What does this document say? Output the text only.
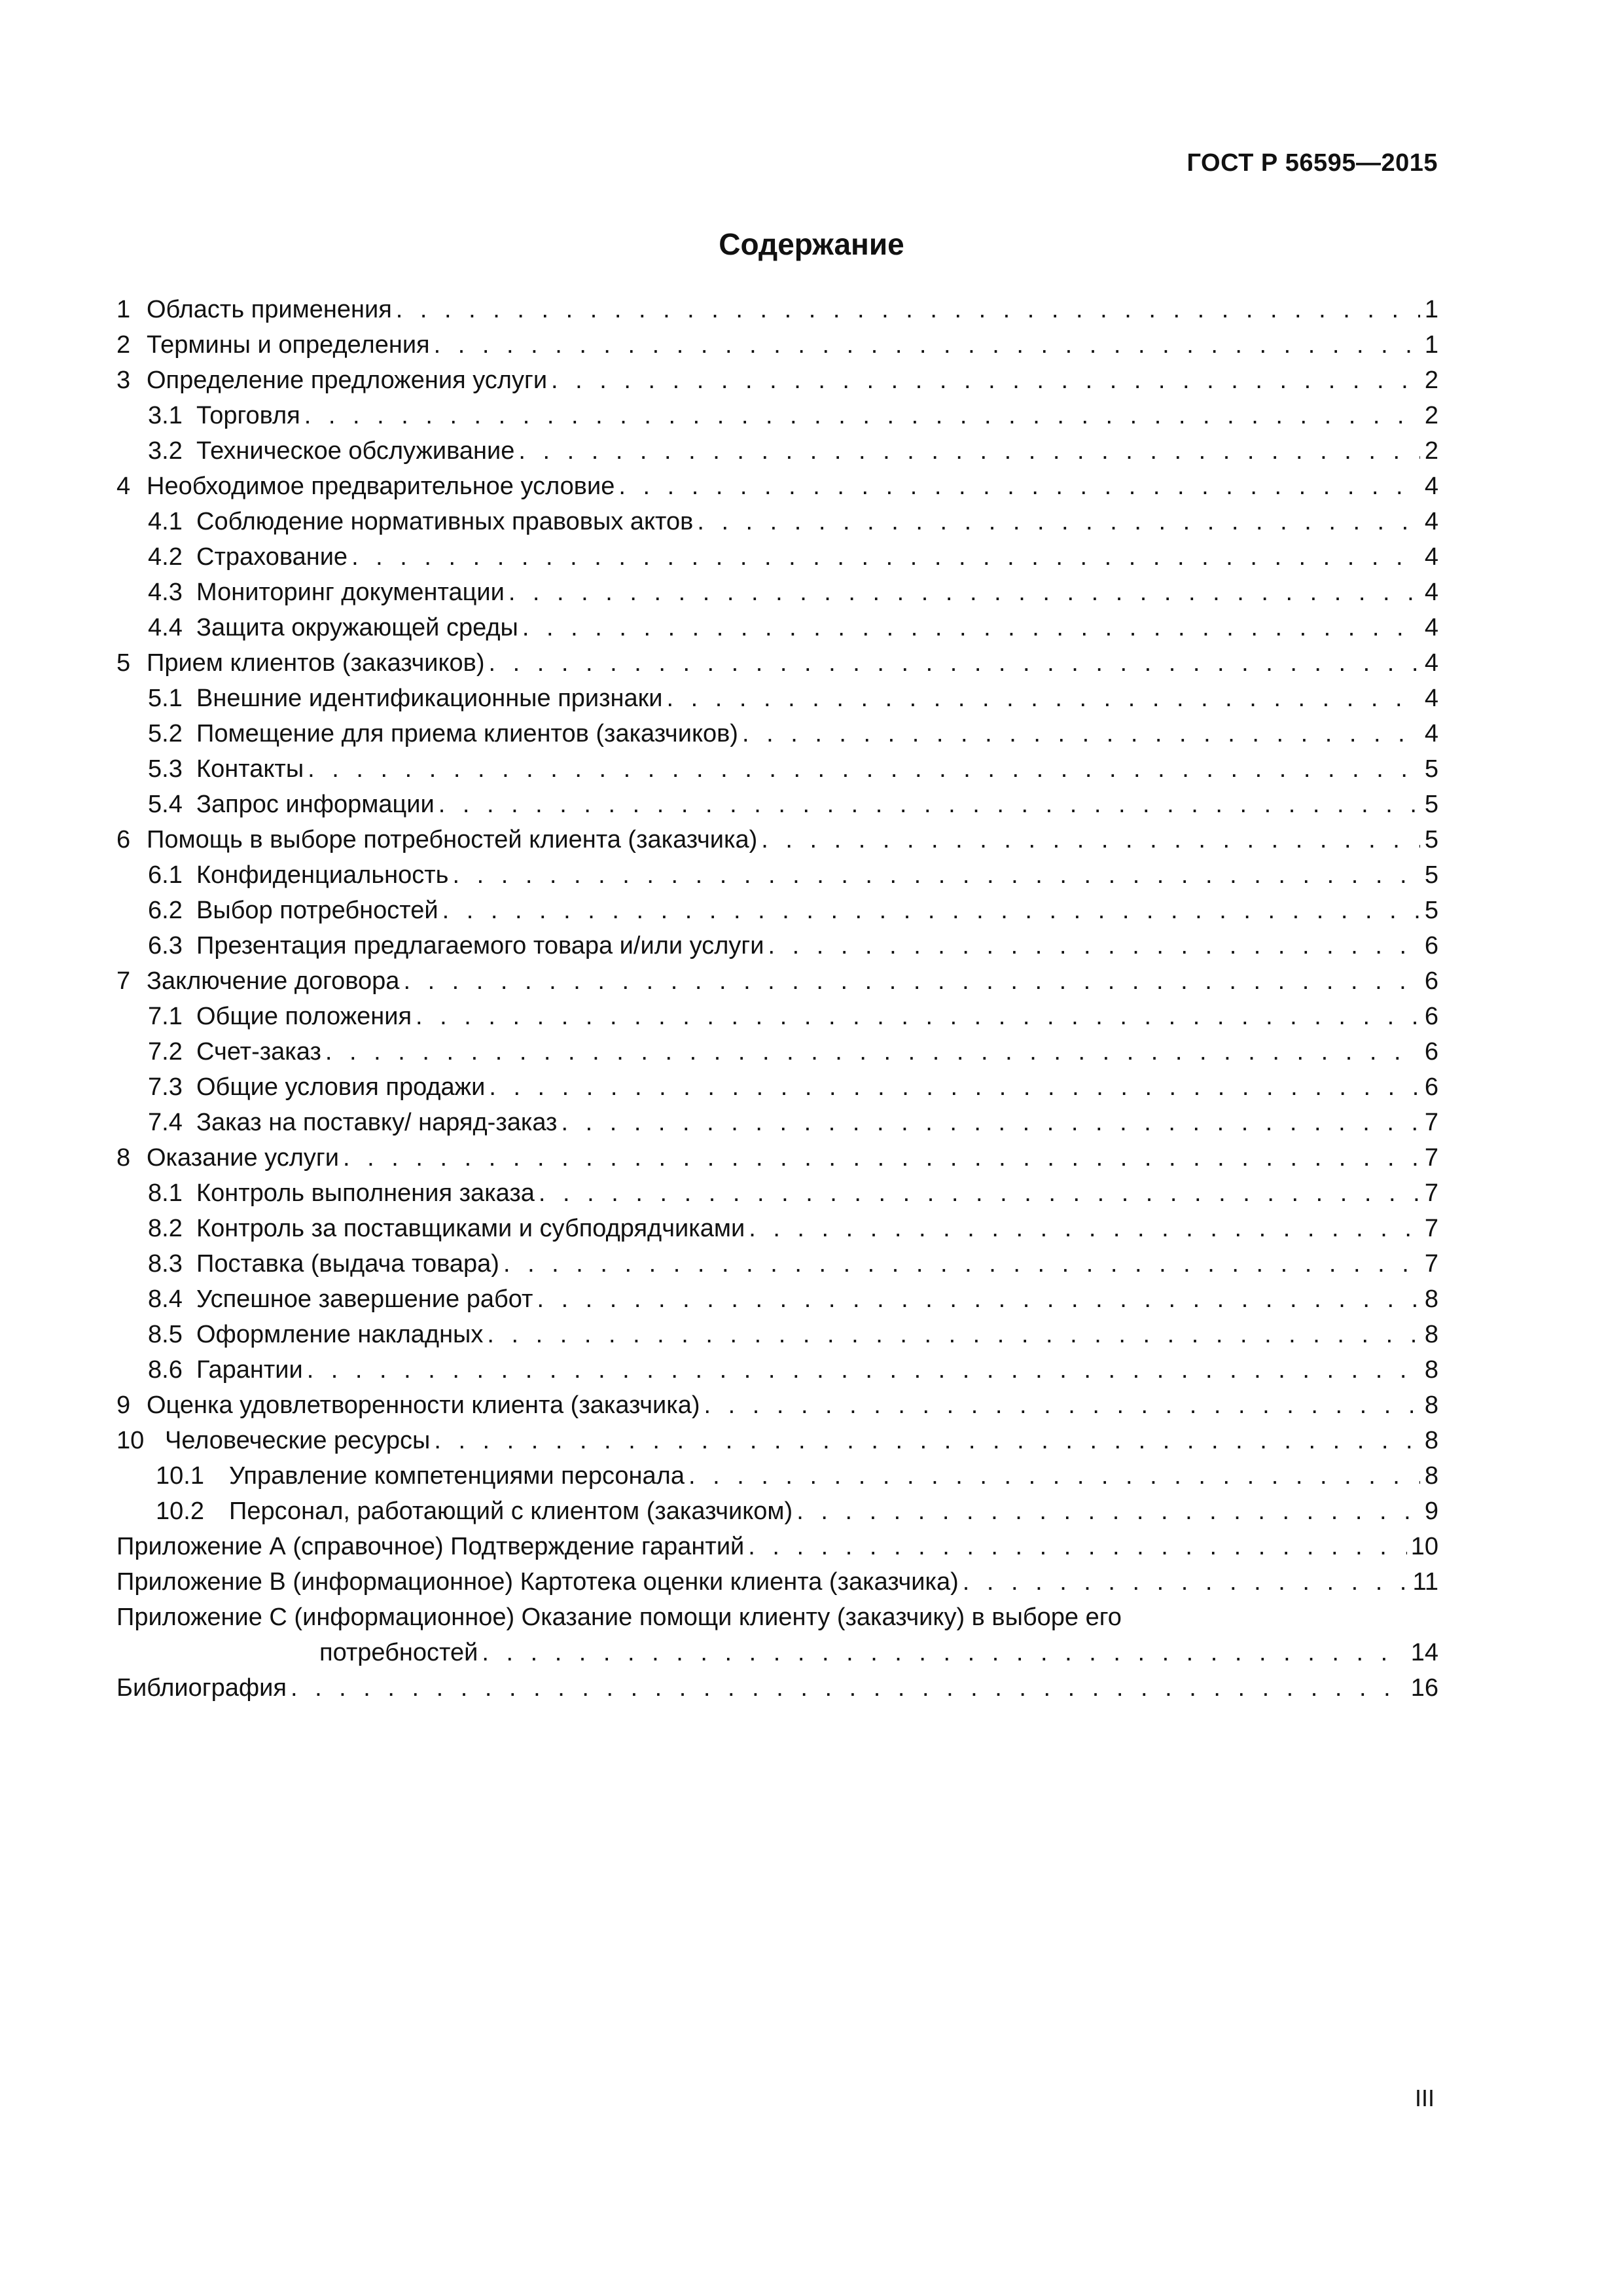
ГОСТ Р 56595—2015
Содержание
1 Область применения . . .	1
2 Термины и определения . . .	1
3 Определение предложения услуги . . .	2
3.1 Торговля . . .	2
3.2 Техническое обслуживание . . .	2
4 Необходимое предварительное условие . . .	4
4.1 Соблюдение нормативных правовых актов . . .	4
4.2 Страхование . . .	4
4.3 Мониторинг документации . . .	4
4.4 Защита окружающей среды . . .	4
5 Прием клиентов (заказчиков) . . .	4
5.1 Внешние идентификационные признаки . . .	4
5.2 Помещение для приема клиентов (заказчиков) . . .	4
5.3 Контакты . . .	5
5.4 Запрос информации . . .	5
6 Помощь в выборе потребностей клиента (заказчика) . . .	5
6.1 Конфиденциальность . . .	5
6.2 Выбор потребностей . . .	5
6.3 Презентация предлагаемого товара и/или услуги . . .	6
7 Заключение договора . . .	6
7.1 Общие положения . . .	6
7.2 Счет-заказ . . .	6
7.3 Общие условия продажи . . .	6
7.4 Заказ на поставку/ наряд-заказ . . .	7
8 Оказание услуги . . .	7
8.1 Контроль выполнения заказа . . .	7
8.2 Контроль за поставщиками и субподрядчиками . . .	7
8.3 Поставка (выдача товара) . . .	7
8.4 Успешное завершение работ . . .	8
8.5 Оформление накладных . . .	8
8.6 Гарантии . . .	8
9 Оценка удовлетворенности клиента (заказчика) . . .	8
10 Человеческие ресурсы . . .	8
10.1	Управление компетенциями персонала . . .	8
10.2	Персонал, работающий с клиентом (заказчиком) . . .	9
Приложение А (справочное) Подтверждение гарантий . . .	10
Приложение В (информационное) Картотека оценки клиента (заказчика) . . .	11
Приложение С (информационное) Оказание помощи клиенту (заказчику) в выборе его
потребностей . . .	14
Библиография . . .	16
III
